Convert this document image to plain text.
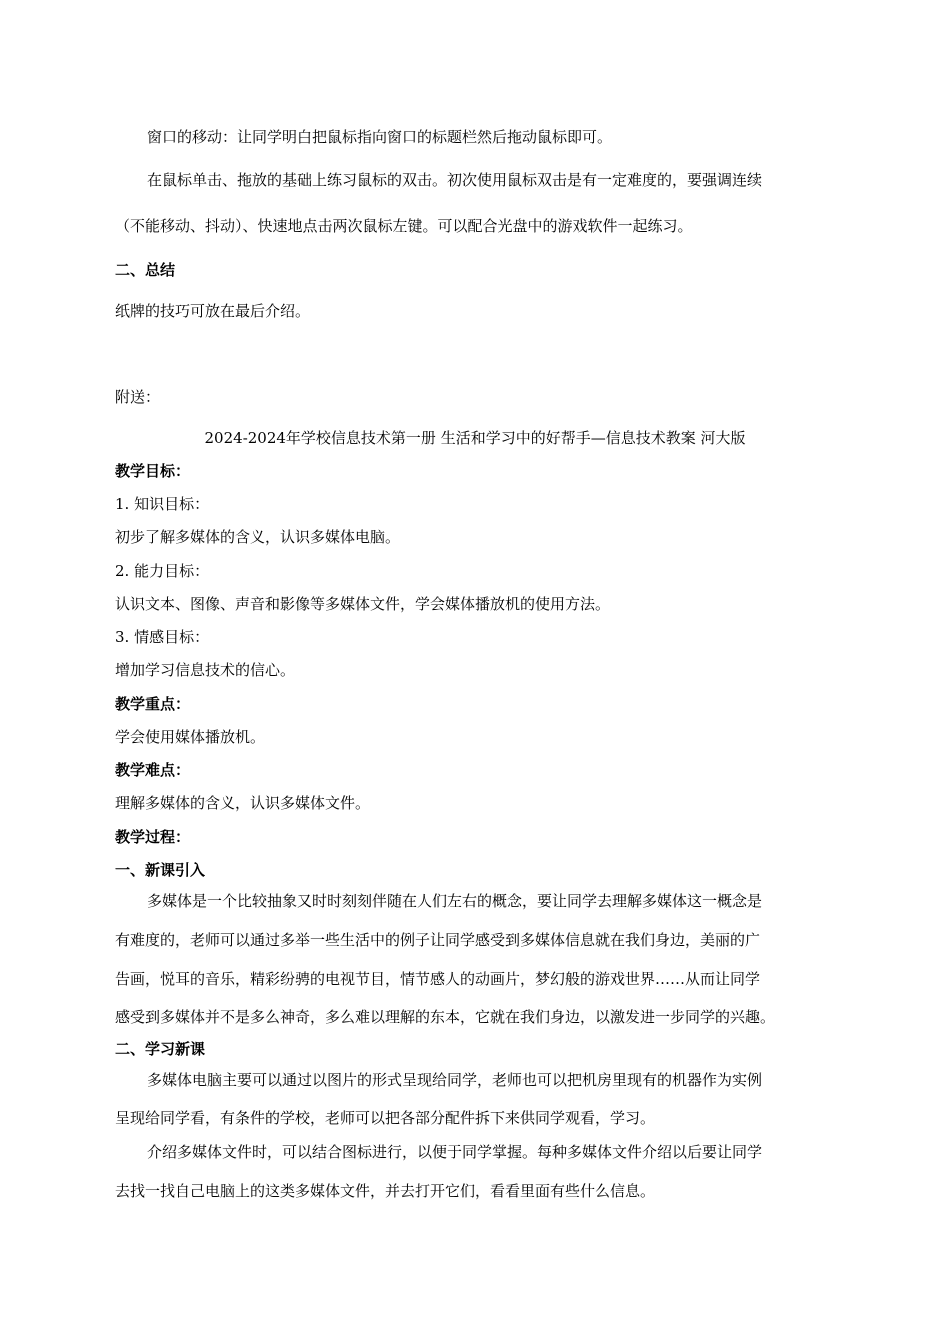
窗口的移动：让同学明白把鼠标指向窗口的标题栏然后拖动鼠标即可。
在鼠标单击、拖放的基础上练习鼠标的双击。初次使用鼠标双击是有一定难度的，要强调连续
（不能移动、抖动）、快速地点击两次鼠标左键。可以配合光盘中的游戏软件一起练习。
二、总结
纸牌的技巧可放在最后介绍。
附送：
2024-2024年学校信息技术第一册 生活和学习中的好帮手—信息技术教案 河大版
教学目标：
1. 知识目标：
初步了解多媒体的含义，认识多媒体电脑。
2. 能力目标：
认识文本、图像、声音和影像等多媒体文件，学会媒体播放机的使用方法。
3. 情感目标：
增加学习信息技术的信心。
教学重点：
学会使用媒体播放机。
教学难点：
理解多媒体的含义，认识多媒体文件。
教学过程：
一、新课引入
多媒体是一个比较抽象又时时刻刻伴随在人们左右的概念，要让同学去理解多媒体这一概念是
有难度的，老师可以通过多举一些生活中的例子让同学感受到多媒体信息就在我们身边，美丽的广
告画，悦耳的音乐，精彩纷骋的电视节目，情节感人的动画片，梦幻般的游戏世界……从而让同学
感受到多媒体并不是多么神奇，多么难以理解的东本，它就在我们身边，以激发进一步同学的兴趣。
二、学习新课
多媒体电脑主要可以通过以图片的形式呈现给同学，老师也可以把机房里现有的机器作为实例
呈现给同学看，有条件的学校，老师可以把各部分配件拆下来供同学观看，学习。
介绍多媒体文件时，可以结合图标进行，以便于同学掌握。每种多媒体文件介绍以后要让同学
去找一找自己电脑上的这类多媒体文件，并去打开它们，看看里面有些什么信息。
